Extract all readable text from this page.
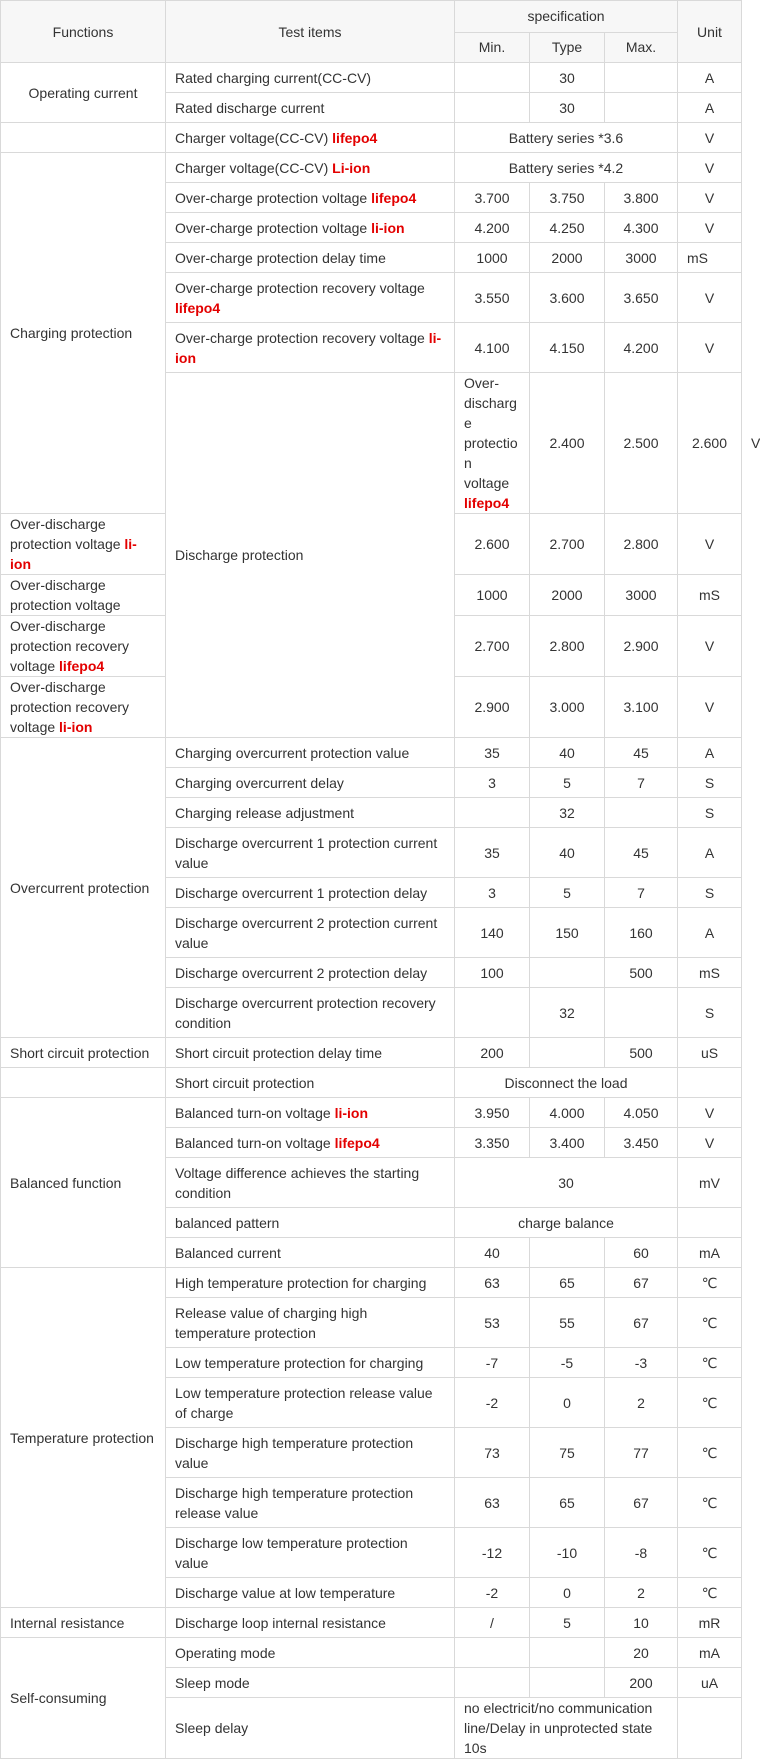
Functions	Test items	specification			Unit	
		Min.	Type	Max.		
Operating current	Rated charging current(CC-CV)		30		A	
	Rated discharge current		30		A	
	Charger voltage(CC-CV) lifepo4	Battery series *3.6			V	
Charging protection	Charger voltage(CC-CV) Li-ion	Battery series *4.2			V	
	Over-charge protection voltage lifepo4	3.700	3.750	3.800	V	
	Over-charge protection voltage li-ion	4.200	4.250	4.300	V	
	Over-charge protection delay time	1000	2000	3000	mS	
	Over-charge protection recovery voltage lifepo4	3.550	3.600	3.650	V	
	Over-charge protection recovery voltage li-ion	4.100	4.150	4.200	V	
	Discharge protection	Over-discharge protection voltage lifepo4	2.400	2.500	2.600	V
Over-discharge protection voltage li-ion		2.600	2.700	2.800	V	
Over-discharge protection voltage		1000	2000	3000	mS	
Over-discharge protection recovery voltage lifepo4		2.700	2.800	2.900	V	
Over-discharge protection recovery voltage li-ion		2.900	3.000	3.100	V	
Overcurrent protection	Charging overcurrent protection value	35	40	45	A	
	Charging overcurrent delay	3	5	7	S	
	Charging release adjustment		32		S	
	Discharge overcurrent 1 protection current value	35	40	45	A	
	Discharge overcurrent 1 protection delay	3	5	7	S	
	Discharge overcurrent 2 protection current value	140	150	160	A	
	Discharge overcurrent 2 protection delay	100		500	mS	
	Discharge overcurrent protection recovery condition		32		S	
Short circuit protection	Short circuit protection delay time	200		500	uS	
	Short circuit protection	Disconnect the load				
Balanced function	Balanced turn-on voltage li-ion	3.950	4.000	4.050	V	
	Balanced turn-on voltage lifepo4	3.350	3.400	3.450	V	
	Voltage difference achieves the starting condition	30			mV	
	balanced pattern	charge balance				
	Balanced current	40		60	mA	
Temperature protection	High temperature protection for charging	63	65	67	℃	
	Release value of charging high temperature protection	53	55	67	℃	
	Low temperature protection for charging	-7	-5	-3	℃	
	Low temperature protection release value of charge	-2	0	2	℃	
	Discharge high temperature protection value	73	75	77	℃	
	Discharge high temperature protection release value	63	65	67	℃	
	Discharge low temperature protection value	-12	-10	-8	℃	
	Discharge value at low temperature	-2	0	2	℃	
Internal resistance	Discharge loop internal resistance	/	5	10	mR	
Self-consuming	Operating mode			20	mA	
	Sleep mode			200	uA	
	Sleep delay	no electricit/no communication line/Delay in unprotected state 10s				
